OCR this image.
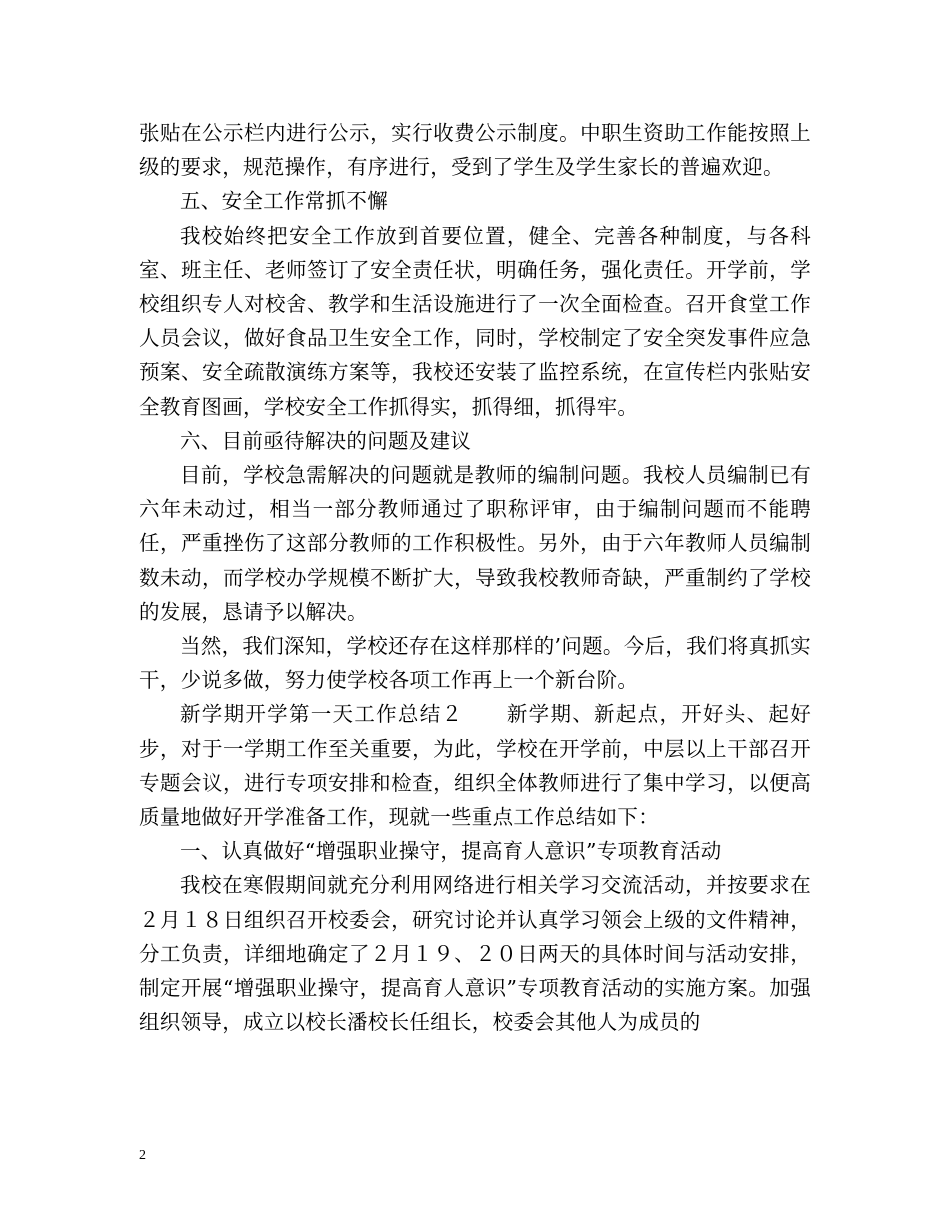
张贴在公示栏内进行公示，实行收费公示制度。中职生资助工作能按照上级的要求，规范操作，有序进行，受到了学生及学生家长的普遍欢迎。

五、安全工作常抓不懈

我校始终把安全工作放到首要位置，健全、完善各种制度，与各科室、班主任、老师签订了安全责任状，明确任务，强化责任。开学前，学校组织专人对校舍、教学和生活设施进行了一次全面检查。召开食堂工作人员会议，做好食品卫生安全工作，同时，学校制定了安全突发事件应急预案、安全疏散演练方案等，我校还安装了监控系统，在宣传栏内张贴安全教育图画，学校安全工作抓得实，抓得细，抓得牢。

六、目前亟待解决的问题及建议

目前，学校急需解决的问题就是教师的编制问题。我校人员编制已有六年未动过，相当一部分教师通过了职称评审，由于编制问题而不能聘任，严重挫伤了这部分教师的工作积极性。另外，由于六年教师人员编制数未动，而学校办学规模不断扩大，导致我校教师奇缺，严重制约了学校的发展，恳请予以解决。

当然，我们深知，学校还存在这样那样的’问题。今后，我们将真抓实干，少说多做，努力使学校各项工作再上一个新台阶。

新学期开学第一天工作总结２　　新学期、新起点，开好头、起好步，对于一学期工作至关重要，为此，学校在开学前，中层以上干部召开专题会议，进行专项安排和检查，组织全体教师进行了集中学习，以便高质量地做好开学准备工作，现就一些重点工作总结如下：

一、认真做好“增强职业操守，提高育人意识”专项教育活动

我校在寒假期间就充分利用网络进行相关学习交流活动，并按要求在２月１８日组织召开校委会，研究讨论并认真学习领会上级的文件精神，分工负责，详细地确定了２月１９、２０日两天的具体时间与活动安排，制定开展“增强职业操守，提高育人意识”专项教育活动的实施方案。加强组织领导，成立以校长潘校长任组长，校委会其他人为成员的

2
